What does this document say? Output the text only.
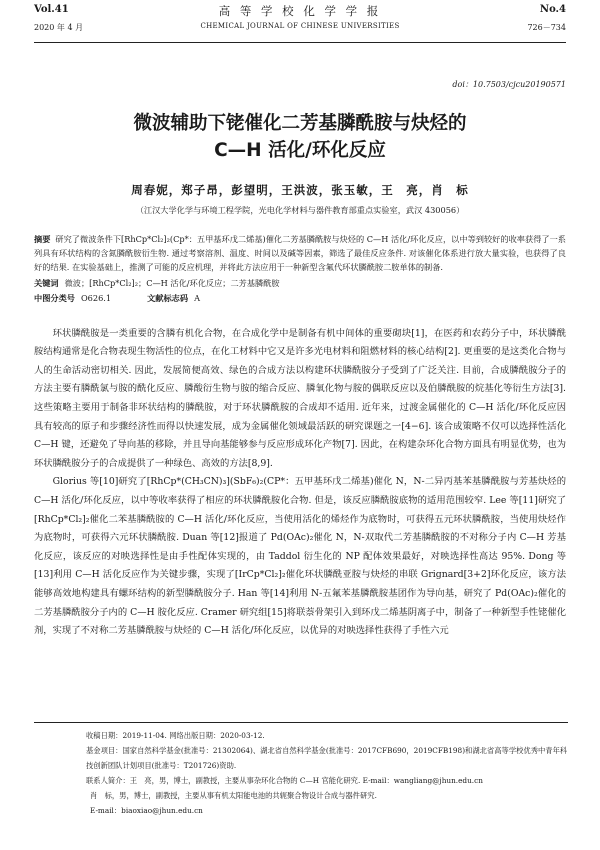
Vol.41
2020 年 4 月
高 等 学 校 化 学 学 报
CHEMICAL JOURNAL OF CHINESE UNIVERSITIES
No.4
726－734
doi：10.7503/cjcu20190571
微波辅助下铑催化二芳基膦酰胺与炔烃的
C—H 活化/环化反应
周春妮，郑子昂，彭望明，王洪波，张玉敏，王　亮，肖　标
（江汉大学化学与环境工程学院，光电化学材料与器件教育部重点实验室，武汉 430056）
摘要 研究了微波条件下[RhCp*Cl₂]₂(Cp*：五甲基环戊二烯基)催化二芳基膦酰胺与炔烃的 C—H 活化/环化反应，以中等到较好的收率获得了一系列具有环状结构的含氮膦酰胺衍生物. 通过考察溶剂、温度、时间以及碱等因素，筛选了最佳反应条件. 对该催化体系进行放大量实验，也获得了良好的结果. 在实验基础上，推测了可能的反应机理，并将此方法应用于一种新型含氟代环状膦酰胺二胺单体的制备.
关键词 微波；[RhCp*Cl₂]₂；C—H 活化/环化反应；二芳基膦酰胺
中图分类号 O626.1	文献标志码 A

环状膦酰胺是一类重要的含膦有机化合物，在合成化学中是制备有机中间体的重要砌块[1]，在医药和农药分子中，环状膦酰胺结构通常是化合物表现生物活性的位点，在化工材料中它又是许多光电材料和阻燃材料的核心结构[2]. 更重要的是这类化合物与人的生命活动密切相关. 因此，发展简便高效、绿色的合成方法以构建环状膦酰胺分子受到了广泛关注. 目前，合成膦酰胺分子的方法主要有膦酰氯与胺的酰化反应、膦酸衍生物与胺的缩合反应、膦氧化物与胺的偶联反应以及伯膦酰胺的烷基化等衍生方法[3]. 这些策略主要用于制备非环状结构的膦酰胺，对于环状膦酰胺的合成却不适用. 近年来，过渡金属催化的 C—H 活化/环化反应因具有较高的原子和步骤经济性而得以快速发展，成为金属催化领域最活跃的研究课题之一[4−6]. 该合成策略不仅可以选择性活化 C—H 键，还避免了导向基的移除，并且导向基能够参与反应形成环化产物[7]. 因此，在构建杂环化合物方面具有明显优势，也为环状膦酰胺分子的合成提供了一种绿色、高效的方法[8,9].

Glorius 等[10]研究了[RhCp*(CH₃CN)₃](SbF₆)₂(CP*：五甲基环戊二烯基)催化 N，N-二异丙基苯基膦酰胺与芳基炔烃的 C—H 活化/环化反应，以中等收率获得了相应的环状膦酰胺化合物. 但是，该反应膦酰胺底物的适用范围较窄. Lee 等[11]研究了[RhCp*Cl₂]₂催化二苯基膦酰胺的 C—H 活化/环化反应，当使用活化的烯烃作为底物时，可获得五元环状膦酰胺，当使用炔烃作为底物时，可获得六元环状膦酰胺. Duan 等[12]报道了 Pd(OAc)₂催化 N，N-双取代二芳基膦酰胺的不对称分子内 C—H 芳基化反应，该反应的对映选择性是由手性配体实现的，由 Taddol 衍生化的 NP 配体效果最好，对映选择性高达 95%. Dong 等[13]利用 C—H 活化反应作为关键步骤，实现了[IrCp*Cl₂]₂催化环状膦酰亚胺与炔烃的串联 Grignard[3+2]环化反应，该方法能够高效地构建具有螺环结构的新型膦酰胺分子. Han 等[14]利用 N-五氟苯基膦酰胺基团作为导向基，研究了 Pd(OAc)₂催化的二芳基膦酰胺分子内的 C—H 胺化反应. Cramer 研究组[15]将联萘骨架引入到环戊二烯基阴离子中，制备了一种新型手性铑催化剂，实现了不对称二芳基膦酰胺与炔烃的 C—H 活化/环化反应，以优异的对映选择性获得了手性六元

收稿日期：2019-11-04. 网络出版日期：2020-03-12.
基金项目：国家自然科学基金(批准号：21302064)、湖北省自然科学基金(批准号：2017CFB690，2019CFB198)和湖北省高等学校优秀中青年科技创新团队计划项目(批准号：T201726)资助.
联系人简介：王　亮，男，博士，副教授，主要从事杂环化合物的 C—H 官能化研究. E-mail：wangliang@jhun.edu.cn
肖　标，男，博士，副教授，主要从事有机太阳能电池的共轭聚合物设计合成与器件研究.
E-mail：biaoxiao@jhun.edu.cn
